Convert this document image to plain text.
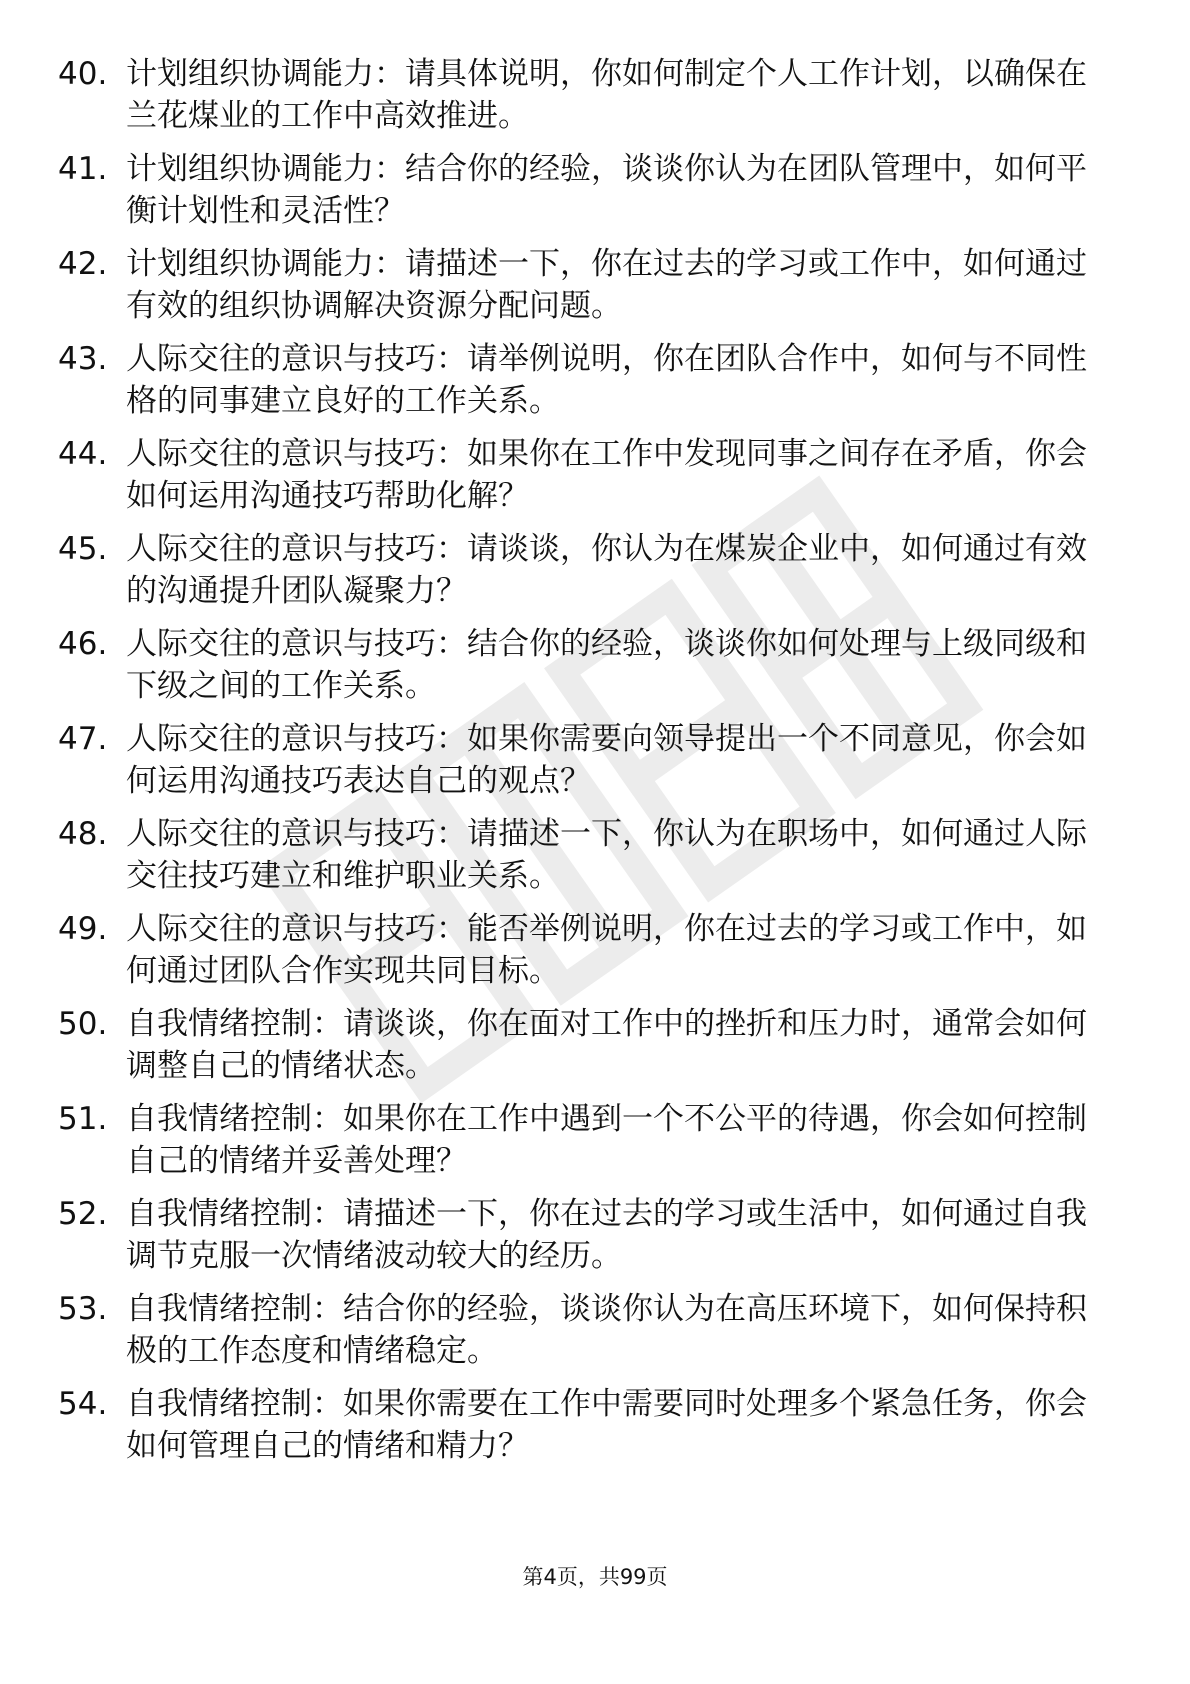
40. 计划组织协调能力：请具体说明，你如何制定个人工作计划，以确保在兰花煤业的工作中高效推进。
41. 计划组织协调能力：结合你的经验，谈谈你认为在团队管理中，如何平衡计划性和灵活性？
42. 计划组织协调能力：请描述一下，你在过去的学习或工作中，如何通过有效的组织协调解决资源分配问题。
43. 人际交往的意识与技巧：请举例说明，你在团队合作中，如何与不同性格的同事建立良好的工作关系。
44. 人际交往的意识与技巧：如果你在工作中发现同事之间存在矛盾，你会如何运用沟通技巧帮助化解？
45. 人际交往的意识与技巧：请谈谈，你认为在煤炭企业中，如何通过有效的沟通提升团队凝聚力？
46. 人际交往的意识与技巧：结合你的经验，谈谈你如何处理与上级同级和下级之间的工作关系。
47. 人际交往的意识与技巧：如果你需要向领导提出一个不同意见，你会如何运用沟通技巧表达自己的观点？
48. 人际交往的意识与技巧：请描述一下，你认为在职场中，如何通过人际交往技巧建立和维护职业关系。
49. 人际交往的意识与技巧：能否举例说明，你在过去的学习或工作中，如何通过团队合作实现共同目标。
50. 自我情绪控制：请谈谈，你在面对工作中的挫折和压力时，通常会如何调整自己的情绪状态。
51. 自我情绪控制：如果你在工作中遇到一个不公平的待遇，你会如何控制自己的情绪并妥善处理？
52. 自我情绪控制：请描述一下，你在过去的学习或生活中，如何通过自我调节克服一次情绪波动较大的经历。
53. 自我情绪控制：结合你的经验，谈谈你认为在高压环境下，如何保持积极的工作态度和情绪稳定。
54. 自我情绪控制：如果你需要在工作中需要同时处理多个紧急任务，你会如何管理自己的情绪和精力？
第4页，共99页
